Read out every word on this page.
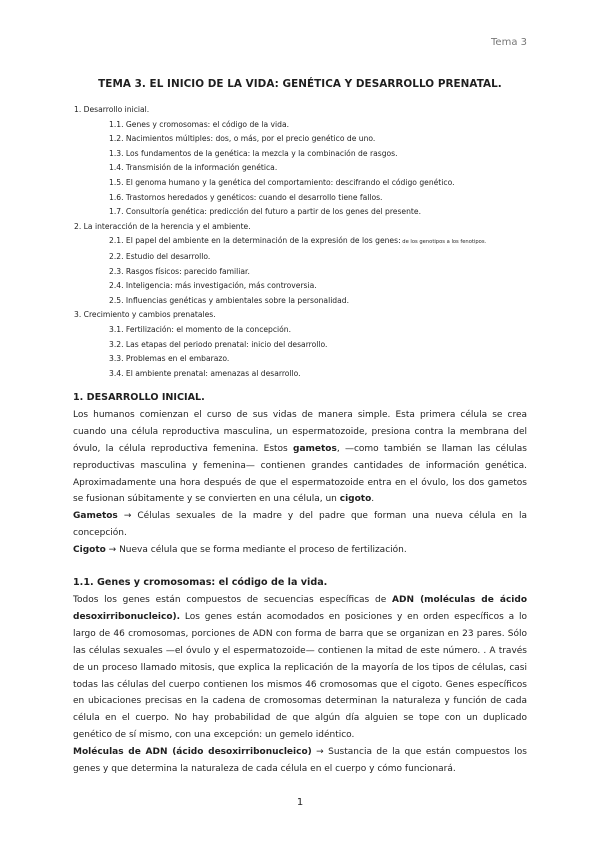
Tema 3
TEMA 3. EL INICIO DE LA VIDA: GENÉTICA Y DESARROLLO PRENATAL.
1. Desarrollo inicial.
1.1. Genes y cromosomas: el código de la vida.
1.2. Nacimientos múltiples: dos, o más, por el precio genético de uno.
1.3. Los fundamentos de la genética: la mezcla y la combinación de rasgos.
1.4. Transmisión de la información genética.
1.5. El genoma humano y la genética del comportamiento: descifrando el código genético.
1.6. Trastornos heredados y genéticos: cuando el desarrollo tiene fallos.
1.7. Consultoría genética: predicción del futuro a partir de los genes del presente.
2. La interacción de la herencia y el ambiente.
2.1. El papel del ambiente en la determinación de la expresión de los genes: de los genotipos a los fenotipos.
2.2. Estudio del desarrollo.
2.3. Rasgos físicos: parecido familiar.
2.4. Inteligencia: más investigación, más controversia.
2.5. Influencias genéticas y ambientales sobre la personalidad.
3. Crecimiento y cambios prenatales.
3.1. Fertilización: el momento de la concepción.
3.2. Las etapas del periodo prenatal: inicio del desarrollo.
3.3. Problemas en el embarazo.
3.4. El ambiente prenatal: amenazas al desarrollo.
1. DESARROLLO INICIAL.

Los humanos comienzan el curso de sus vidas de manera simple. Esta primera célula se crea cuando una célula reproductiva masculina, un espermatozoide, presiona contra la membrana del óvulo, la célula reproductiva femenina. Estos gametos, —como también se llaman las células reproductivas masculina y femenina— contienen grandes cantidades de información genética. Aproximadamente una hora después de que el espermatozoide entra en el óvulo, los dos gametos se fusionan súbitamente y se convierten en una célula, un cigoto.

Gametos → Células sexuales de la madre y del padre que forman una nueva célula en la concepción.

Cigoto → Nueva célula que se forma mediante el proceso de fertilización.

1.1. Genes y cromosomas: el código de la vida.

Todos los genes están compuestos de secuencias específicas de ADN (moléculas de ácido desoxirribonucleico). Los genes están acomodados en posiciones y en orden específicos a lo largo de 46 cromosomas, porciones de ADN con forma de barra que se organizan en 23 pares. Sólo las células sexuales —el óvulo y el espermatozoide— contienen la mitad de este número. . A través de un proceso llamado mitosis, que explica la replicación de la mayoría de los tipos de células, casi todas las células del cuerpo contienen los mismos 46 cromosomas que el cigoto. Genes específicos en ubicaciones precisas en la cadena de cromosomas determinan la naturaleza y función de cada célula en el cuerpo. No hay probabilidad de que algún día alguien se tope con un duplicado genético de sí mismo, con una excepción: un gemelo idéntico.

Moléculas de ADN (ácido desoxirribonucleico) → Sustancia de la que están compuestos los genes y que determina la naturaleza de cada célula en el cuerpo y cómo funcionará.

1
